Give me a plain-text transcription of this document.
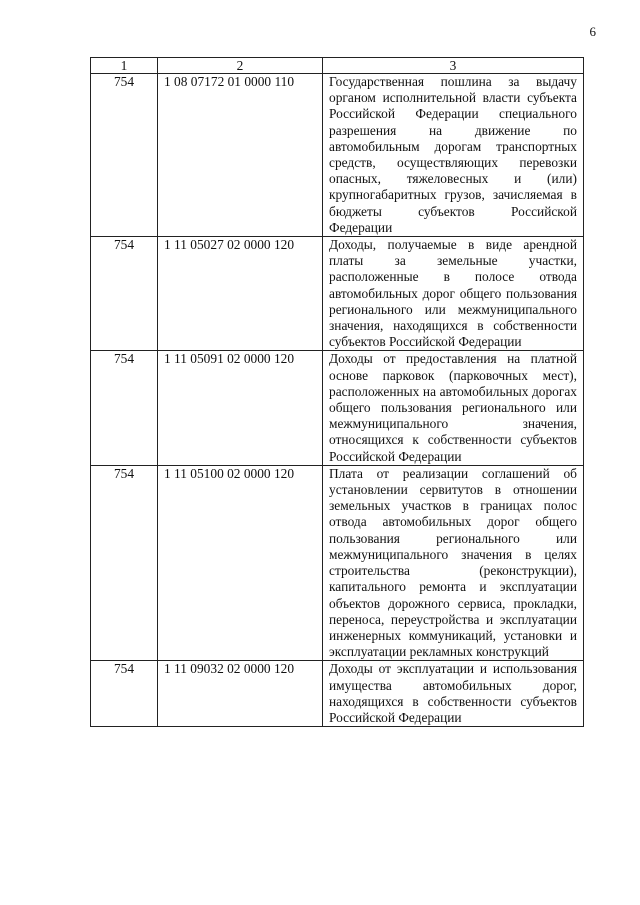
6
1	2	3
754	1 08 07172 01 0000 110	Государственная пошлина за выдачу органом исполнительной власти субъекта Российской Федерации специального разрешения на движение по автомобильным дорогам транспортных средств, осуществляющих перевозки опасных, тяжеловесных и (или) крупногабаритных грузов, зачисляемая в бюджеты субъектов Российской Федерации
754	1 11 05027 02 0000 120	Доходы, получаемые в виде арендной платы за земельные участки, расположенные в полосе отвода автомобильных дорог общего пользования регионального или межмуниципального значения, находящихся в собственности субъектов Российской Федерации
754	1 11 05091 02 0000 120	Доходы от предоставления на платной основе парковок (парковочных мест), расположенных на автомобильных дорогах общего пользования регионального или межмуниципального значения, относящихся к собственности субъектов Российской Федерации
754	1 11 05100 02 0000 120	Плата от реализации соглашений об установлении сервитутов в отношении земельных участков в границах полос отвода автомобильных дорог общего пользования регионального или межмуниципального значения в целях строительства (реконструкции), капитального ремонта и эксплуатации объектов дорожного сервиса, прокладки, переноса, переустройства и эксплуатации инженерных коммуникаций, установки и эксплуатации рекламных конструкций
754	1 11 09032 02 0000 120	Доходы от эксплуатации и использования имущества автомобильных дорог, находящихся в собственности субъектов Российской Федерации
